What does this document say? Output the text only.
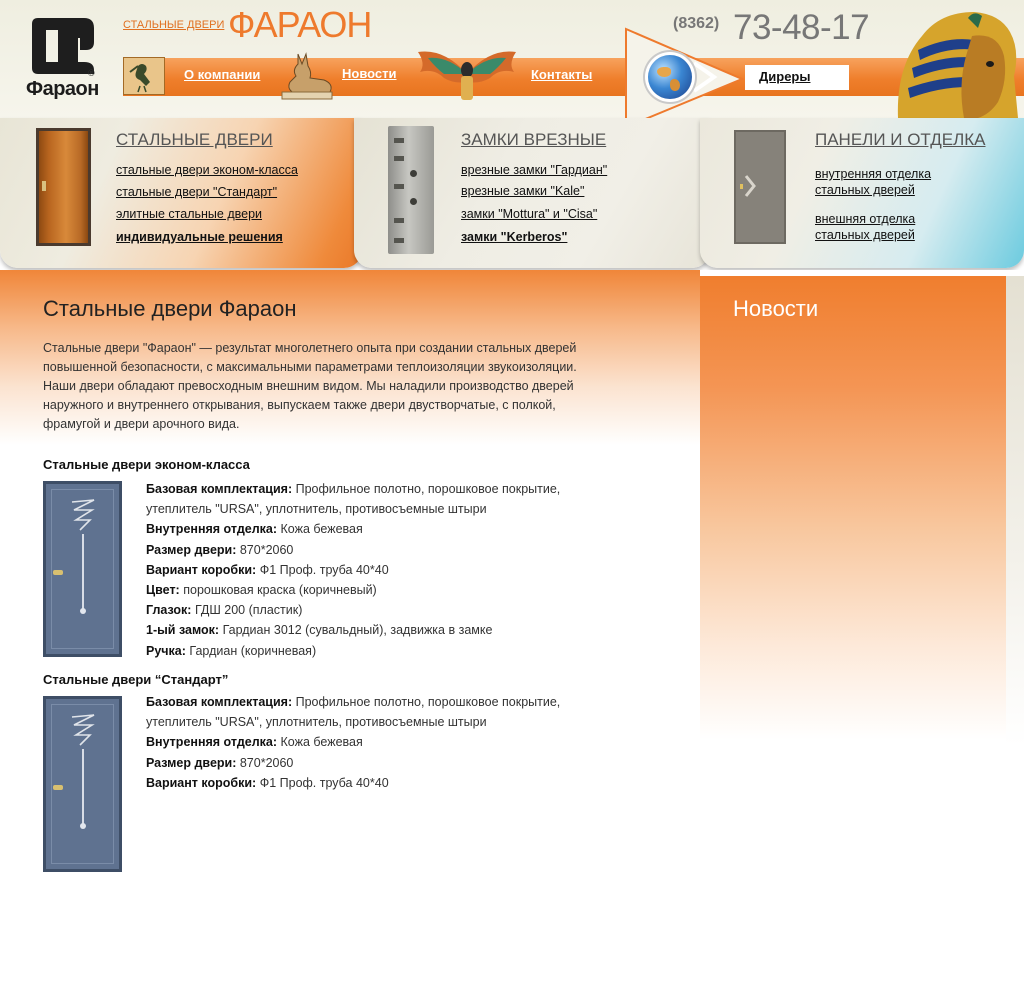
®
Фараон
СТАЛЬНЫЕ ДВЕРИ ФАРАОН	(8362) 73-48-17
О компании	Новости	Контакты	Диреры
СТАЛЬНЫЕ ДВЕРИ
стальные двери эконом-класса
стальные двери "Стандарт"
элитные стальные двери
индивидуальные решения
ЗАМКИ ВРЕЗНЫЕ
врезные замки "Гардиан"
врезные замки "Kale"
замки "Mottura" и "Cisa"
замки "Kerberos"
ПАНЕЛИ И ОТДЕЛКА
внутренняя отделка стальных дверей
внешняя отделка стальных дверей
Стальные двери Фараон

Стальные двери "Фараон" — результат многолетнего опыта при создании стальных дверей повышенной безопасности, с максимальными параметрами теплоизоляции звукоизоляции. Наши двери обладают превосходным внешним видом. Мы наладили производство дверей наружного и внутреннего открывания, выпускаем также двери двустворчатые, с полкой, фрамугой и двери арочного вида.

Стальные двери эконом-класса
Базовая комплектация: Профильное полотно, порошковое покрытие, утеплитель "URSA", уплотнитель, противосъемные штыри
Внутренняя отделка: Кожа бежевая
Размер двери: 870*2060
Вариант коробки: Ф1 Проф. труба 40*40
Цвет: порошковая краска (коричневый)
Глазок: ГДШ 200 (пластик)
1-ый замок: Гардиан 3012 (сувальдный), задвижка в замке
Ручка: Гардиан (коричневая)
Стальные двери “Стандарт”
Базовая комплектация: Профильное полотно, порошковое покрытие, утеплитель "URSA", уплотнитель, противосъемные штыри
Внутренняя отделка: Кожа бежевая
Размер двери: 870*2060
Вариант коробки: Ф1 Проф. труба 40*40
Новости
